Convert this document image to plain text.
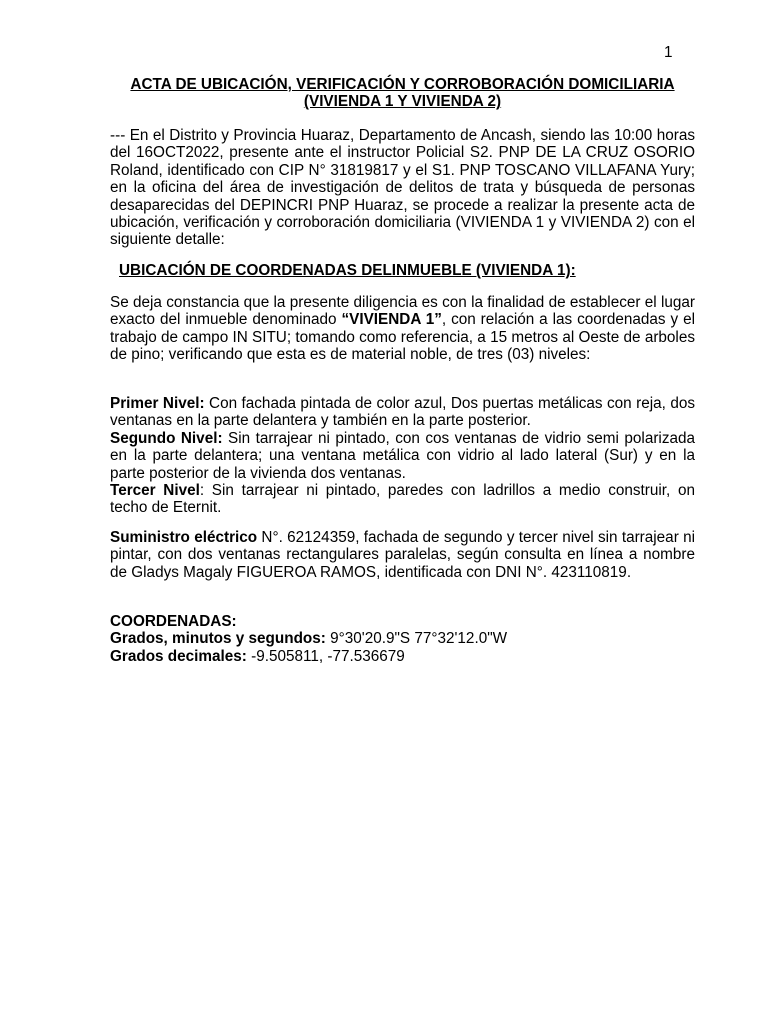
1
ACTA DE UBICACIÓN, VERIFICACIÓN Y CORROBORACIÓN DOMICILIARIA
(VIVIENDA 1 Y VIVIENDA 2)
--- En el Distrito y Provincia Huaraz, Departamento de Ancash, siendo las 10:00 horas del 16OCT2022, presente ante el instructor Policial S2. PNP DE LA CRUZ OSORIO Roland, identificado con CIP N° 31819817 y el S1. PNP TOSCANO VILLAFANA Yury; en la oficina del área de investigación de delitos de trata y búsqueda de personas desaparecidas del DEPINCRI PNP Huaraz, se procede a realizar la presente acta de ubicación, verificación y corroboración domiciliaria (VIVIENDA 1 y VIVIENDA 2) con el siguiente detalle:
UBICACIÓN DE COORDENADAS DELINMUEBLE (VIVIENDA 1):
Se deja constancia que la presente diligencia es con la finalidad de establecer el lugar exacto del inmueble denominado “VIVIENDA 1”, con relación a las coordenadas y el trabajo de campo IN SITU; tomando como referencia, a 15 metros al Oeste de arboles de pino; verificando que esta es de material noble, de tres (03) niveles:

Primer Nivel: Con fachada pintada de color azul, Dos puertas metálicas con reja, dos ventanas en la parte delantera y también en la parte posterior.

Segundo Nivel: Sin tarrajear ni pintado, con cos ventanas de vidrio semi polarizada en la parte delantera; una ventana metálica con vidrio al lado lateral (Sur) y en la parte posterior de la vivienda dos ventanas.

Tercer Nivel: Sin tarrajear ni pintado, paredes con ladrillos a medio construir, on techo de Eternit.

Suministro eléctrico N°. 62124359, fachada de segundo y tercer nivel sin tarrajear ni pintar, con dos ventanas rectangulares paralelas, según consulta en línea a nombre de Gladys Magaly FIGUEROA RAMOS, identificada con DNI N°. 423110819.

COORDENADAS:

Grados, minutos y segundos: 9°30'20.9"S 77°32'12.0"W

Grados decimales: -9.505811, -77.536679
